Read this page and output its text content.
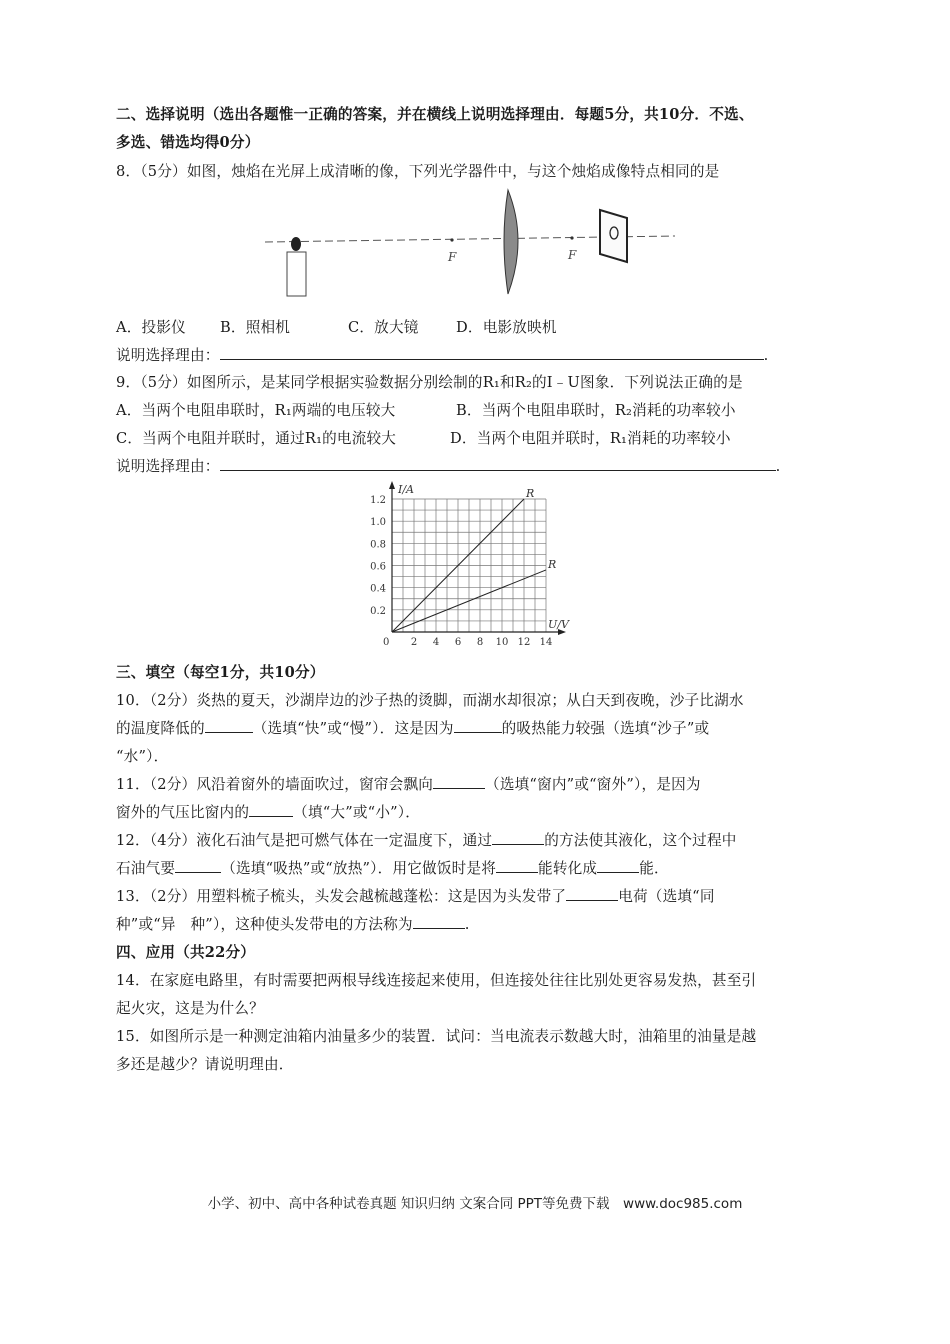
二、选择说明（选出各题惟一正确的答案，并在横线上说明选择理由．每题5分，共10分．不选、
多选、错选均得0分）
8．（5分）如图，烛焰在光屏上成清晰的像，下列光学器件中，与这个烛焰成像特点相同的是
F	F
A．投影仪 B．照相机	C．放大镜	D．电影放映机
说明选择理由：	.
9．（5分）如图所示，是某同学根据实验数据分别绘制的R₁和R₂的I﹣U图象．下列说法正确的是
A．当两个电阻串联时，R₁两端的电压较大	B．当两个电阻串联时，R₂消耗的功率较小
C．当两个电阻并联时，通过R₁的电流较大	D．当两个电阻并联时，R₁消耗的功率较小
说明选择理由：	.
I/A
U/V
0 2 4 6 8 10 12 14
0.2
0.4
0.6
0.8
1.0
1.2
R
R
三、填空（每空1分，共10分）
10．（2分）炎热的夏天，沙湖岸边的沙子热的烫脚，而湖水却很凉；从白天到夜晚，沙子比湖水
的温度降低的	（选填“快”或“慢”）．这是因为	的吸热能力较强（选填“沙子”或
“水”）．
11．（2分）风沿着窗外的墙面吹过，窗帘会飘向	（选填“窗内”或“窗外”），是因为
窗外的气压比窗内的	（填“大”或“小”）．
12．（4分）液化石油气是把可燃气体在一定温度下，通过	的方法使其液化，这个过程中
石油气要	（选填“吸热”或“放热”）．用它做饭时是将	能转化成	能．
13．（2分）用塑料梳子梳头，头发会越梳越蓬松：这是因为头发带了	电荷（选填“同
种”或“异　种”），这种使头发带电的方法称为	.
四、应用（共22分）
14．在家庭电路里，有时需要把两根导线连接起来使用，但连接处往往比别处更容易发热，甚至引
起火灾，这是为什么？
15．如图所示是一种测定油箱内油量多少的装置．试问：当电流表示数越大时，油箱里的油量是越
多还是越少？请说明理由．
小学、初中、高中各种试卷真题 知识归纳 文案合同 PPT等免费下载　www.doc985.com
